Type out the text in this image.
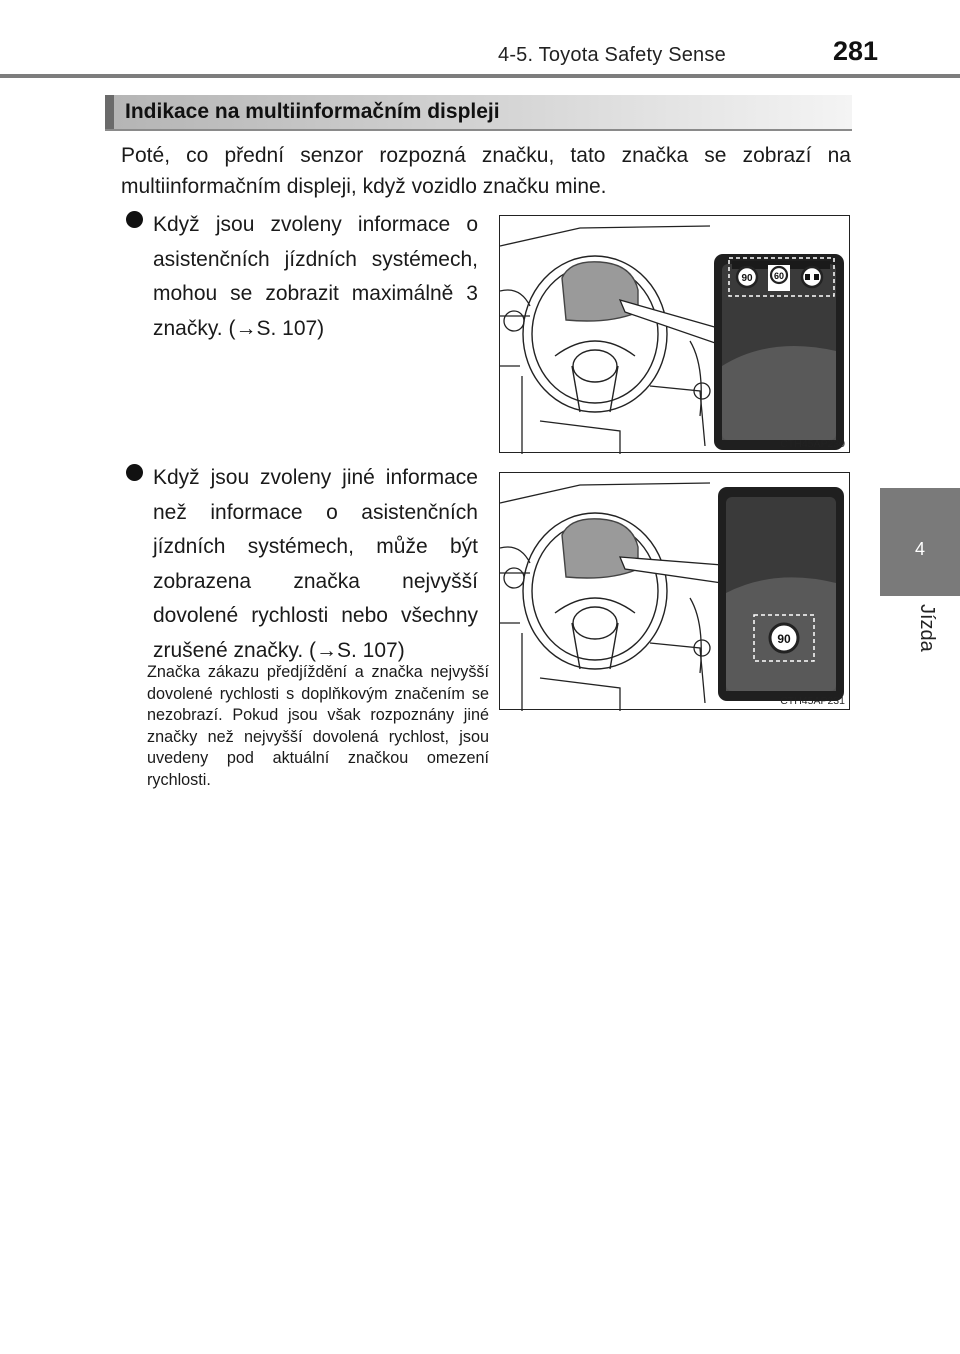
4-5. Toyota Safety Sense	281
4
Jízda
Indikace na multiinformačním displeji

Poté, co přední senzor rozpozná značku, tato značka se zobrazí na multiinformačním displeji, když vozidlo značku mine.

Když jsou zvoleny informace o asistenčních jízdních systémech, mohou se zobrazit maximálně 3 značky. (→S. 107)

Když jsou zvoleny jiné informace než informace o asistenčních jízdních systémech, může být zobrazena značka nejvyšší dovolené rychlosti nebo všechny zrušené značky. (→S. 107)

Značka zákazu předjíždění a značka nejvyšší dovolené rychlosti s doplňkovým značením se nezobrazí. Pokud jsou však rozpoznány jiné značky než nejvyšší dovolená rychlost, jsou uvedeny pod aktuální značkou omezení rychlosti.

90 60
CTH45AP230
90
CTH45AP231
